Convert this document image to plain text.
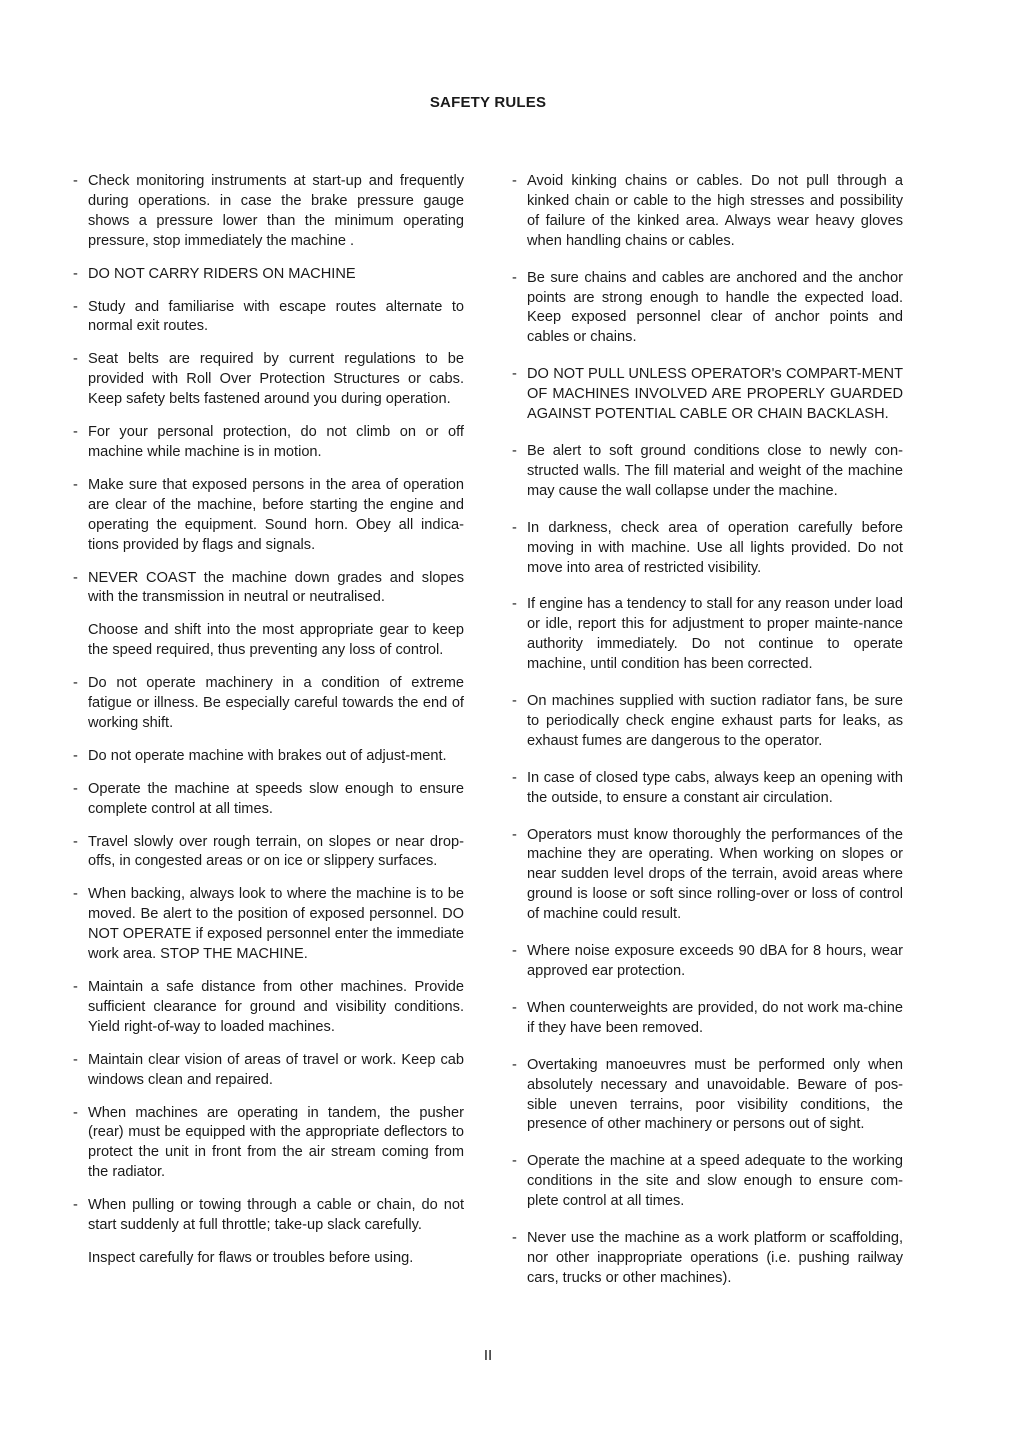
SAFETY RULES
- Check monitoring instruments at start-up and frequently during operations. in case the brake pressure gauge shows a pressure lower than the minimum operating pressure, stop immediately the machine .
- DO NOT CARRY RIDERS ON MACHINE
- Study and familiarise with escape routes alternate to normal exit routes.
- Seat belts are required by current regulations to be provided with Roll Over Protection Structures or cabs. Keep safety belts fastened around you during operation.
- For your personal protection, do not climb on or off machine while machine is in motion.
- Make sure that exposed persons in the area of operation are clear of the machine, before starting the engine and operating the equipment. Sound horn. Obey all indica-tions provided by flags and signals.
- NEVER COAST the machine down grades and slopes with the transmission in neutral or neutralised.
Choose and shift into the most appropriate gear to keep the speed required, thus preventing any loss of control.
- Do not operate machinery in a condition of extreme fatigue or illness. Be especially careful towards the end of working shift.
- Do not operate machine with brakes out of adjust-ment.
- Operate the machine at speeds slow enough to ensure complete control at all times.
- Travel slowly over rough terrain, on slopes or near drop-offs, in congested areas or on ice or slippery surfaces.
- When backing, always look to where the machine is to be moved. Be alert to the position of exposed personnel. DO NOT OPERATE if exposed personnel enter the immediate work area. STOP THE MACHINE.
- Maintain a safe distance from other machines. Provide sufficient clearance for ground and visibility conditions. Yield right-of-way to loaded machines.
- Maintain clear vision of areas of travel or work. Keep cab windows clean and repaired.
- When machines are operating in tandem, the pusher (rear) must be equipped with the appropriate deflectors to protect the unit in front from the air stream coming from the radiator.
- When pulling or towing through a cable or chain, do not start suddenly at full throttle; take-up slack carefully.
Inspect carefully for flaws or troubles before using.
- Avoid kinking chains or cables. Do not pull through a kinked chain or cable to the high stresses and possibility of failure of the kinked area. Always wear heavy gloves when handling chains or cables.
- Be sure chains and cables are anchored and the anchor points are strong enough to handle the expected load. Keep exposed personnel clear of anchor points and cables or chains.
- DO NOT PULL UNLESS OPERATOR's COMPART-MENT OF MACHINES INVOLVED ARE PROPERLY GUARDED AGAINST POTENTIAL CABLE OR CHAIN BACKLASH.
- Be alert to soft ground conditions close to newly con-structed walls. The fill material and weight of the machine may cause the wall collapse under the machine.
- In darkness, check area of operation carefully before moving in with machine. Use all lights provided. Do not move into area of restricted visibility.
- If engine has a tendency to stall for any reason under load or idle, report this for adjustment to proper mainte-nance authority immediately. Do not continue to operate machine, until condition has been corrected.
- On machines supplied with suction radiator fans, be sure to periodically check engine exhaust parts for leaks, as exhaust fumes are dangerous to the operator.
- In case of closed type cabs, always keep an opening with the outside, to ensure a constant air circulation.
- Operators must know thoroughly the performances of the machine they are operating. When working on slopes or near sudden level drops of the terrain, avoid areas where ground is loose or soft since rolling-over or loss of control of machine could result.
- Where noise exposure exceeds 90 dBA for 8 hours, wear approved ear protection.
- When counterweights are provided, do not work ma-chine if they have been removed.
- Overtaking manoeuvres must be performed only when absolutely necessary and unavoidable. Beware of pos-sible uneven terrains, poor visibility conditions, the presence of other machinery or persons out of sight.
- Operate the machine at a speed adequate to the working conditions in the site and slow enough to ensure com-plete control at all times.
- Never use the machine as a work platform or scaffolding, nor other inappropriate operations (i.e. pushing railway cars, trucks or other machines).
II
